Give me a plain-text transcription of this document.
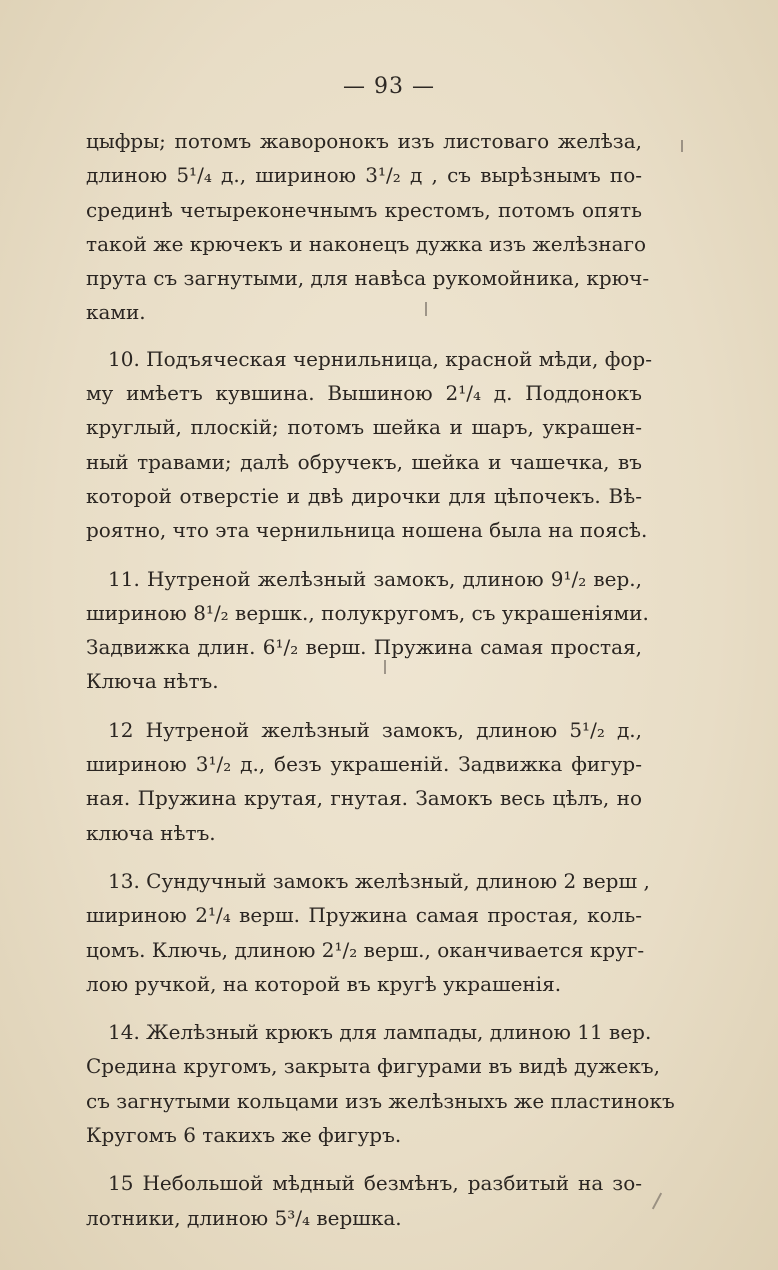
— 93 —
цыфры; потомъ жаворонокъ изъ листоваго желѣза,
длиною 5¹/₄ д., шириною 3¹/₂ д , съ вырѣзнымъ по-
срединѣ четыреконечнымъ крестомъ, потомъ опять
такой же крючекъ и наконецъ дужка изъ желѣзнаго
прута съ загнутыми, для навѣса рукомойника, крюч-
ками.
10. Подъяческая чернильница, красной мѣди, фор-
му имѣетъ кувшина. Вышиною 2¹/₄ д. Поддонокъ
круглый, плоскій; потомъ шейка и шаръ, украшен-
ный травами; далѣ обручекъ, шейка и чашечка, въ
которой отверстіе и двѣ дирочки для цѣпочекъ. Вѣ-
роятно, что эта чернильница ношена была на поясѣ.
11. Нутреной желѣзный замокъ, длиною 9¹/₂ вер.,
шириною 8¹/₂ вершк., полукругомъ, съ украшеніями.
Задвижка длин. 6¹/₂ верш. Пружина самая простая,
Ключа нѣтъ.
12 Нутреной желѣзный замокъ, длиною 5¹/₂ д.,
шириною 3¹/₂ д., безъ украшеній. Задвижка фигур-
ная. Пружина крутая, гнутая. Замокъ весь цѣлъ, но
ключа нѣтъ.
13. Сундучный замокъ желѣзный, длиною 2 верш ,
шириною 2¹/₄ верш. Пружина самая простая, коль-
цомъ. Ключь, длиною 2¹/₂ верш., оканчивается круг-
лою ручкой, на которой въ кругѣ украшенія.
14. Желѣзный крюкъ для лампады, длиною 11 вер.
Средина кругомъ, закрыта фигурами въ видѣ дужекъ,
съ загнутыми кольцами изъ желѣзныхъ же пластинокъ
Кругомъ 6 такихъ же фигуръ.
15 Небольшой мѣдный безмѣнъ, разбитый на зо-
лотники, длиною 5³/₄ вершка.
